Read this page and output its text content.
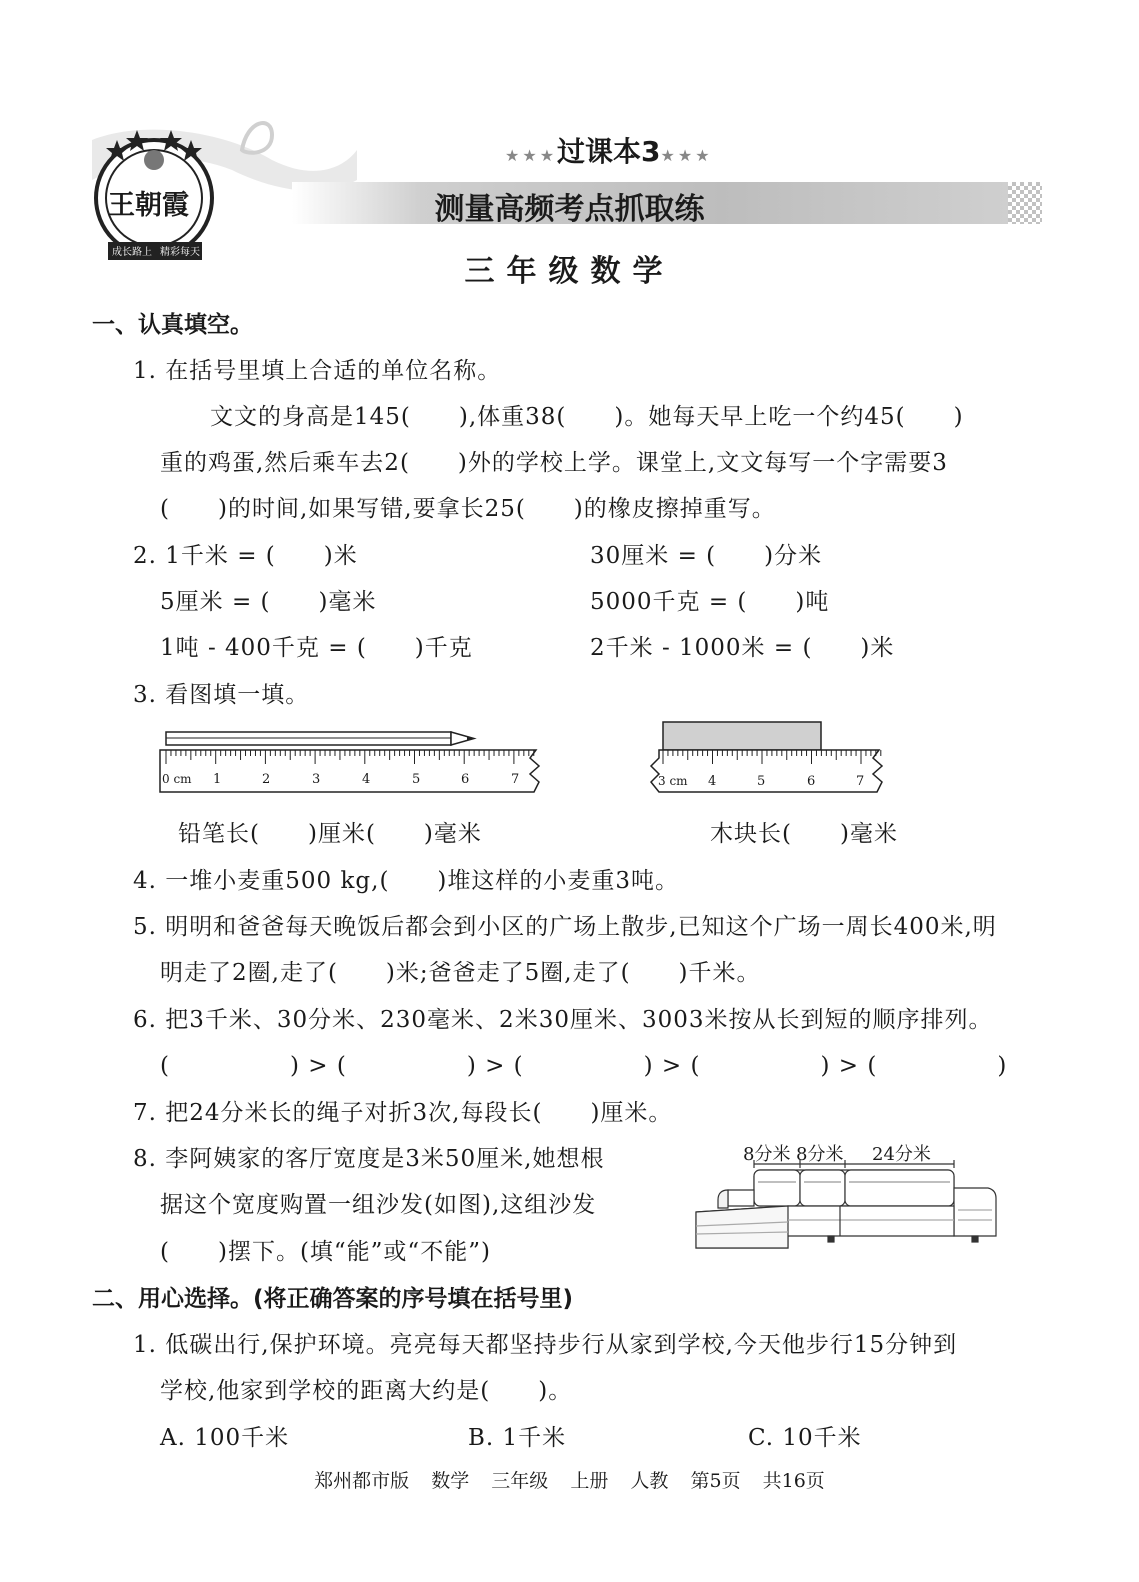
王朝霞
成长路上 精彩每天
★★★过课本3★★★
测量高频考点抓取练
三年级数学
一、认真填空。
1. 在括号里填上合适的单位名称。
文文的身高是145(　　),体重38(　　)。她每天早上吃一个约45(　　)
重的鸡蛋,然后乘车去2(　　)外的学校上学。课堂上,文文每写一个字需要3
(　　)的时间,如果写错,要拿长25(　　)的橡皮擦掉重写。
2. 1千米 = (　　)米	30厘米 = (　　)分米
5厘米 = (　　)毫米	5000千克 = (　　)吨
1吨 - 400千克 = (　　)千克	2千米 - 1000米 = (　　)米
3. 看图填一填。
0 cm 1	2	3	4	5	6	7	3 cm 4	5	6	7
铅笔长(　　)厘米(　　)毫米	木块长(　　)毫米
4. 一堆小麦重500 kg,(　　)堆这样的小麦重3吨。
5. 明明和爸爸每天晚饭后都会到小区的广场上散步,已知这个广场一周长400米,明
明走了2圈,走了(　　)米;爸爸走了5圈,走了(　　)千米。
6. 把3千米、30分米、230毫米、2米30厘米、3003米按从长到短的顺序排列。
(　　　　　) > (　　　　　) > (　　　　　) > (　　　　　) > (　　　　　)
7. 把24分米长的绳子对折3次,每段长(　　)厘米。
8. 李阿姨家的客厅宽度是3米50厘米,她想根
据这个宽度购置一组沙发(如图),这组沙发
(　　)摆下。(填“能”或“不能”)
8分米 8分米 24分米
二、用心选择。(将正确答案的序号填在括号里)
1. 低碳出行,保护环境。亮亮每天都坚持步行从家到学校,今天他步行15分钟到
学校,他家到学校的距离大约是(　　)。
A. 100千米	B. 1千米	C. 10千米
郑州都市版 数学 三年级 上册 人教 第5页 共16页
